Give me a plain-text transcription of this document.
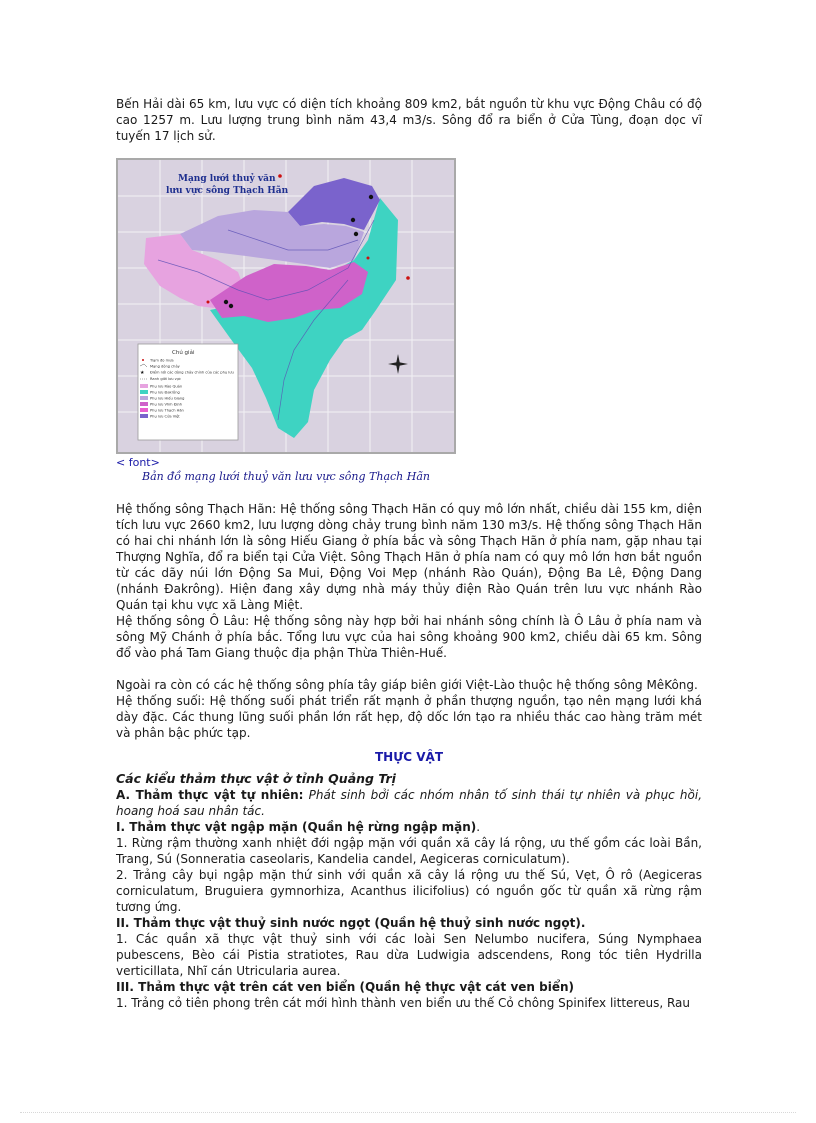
Bến Hải dài 65 km, lưu vực có diện tích khoảng 809 km2, bắt nguồn từ khu vực Động Châu có độ cao 1257 m. Lưu lượng trung bình năm 43,4 m3/s. Sông đổ ra biển ở Cửa Tùng, đoạn dọc vĩ tuyến 17 lịch sử.

Mạng lưới thuỷ văn
lưu vực sông Thạch Hãn
Chú giải
Trạm đo mưa
Mạng dòng chảy
★ Điểm nối các dòng chảy chính của các phụ lưu
Ranh giới lưu vực
Phụ lưu Rào Quán
Phụ lưu Đakrông
Phụ lưu Hiếu Giang
Phụ lưu Vĩnh Định
Phụ lưu Thạch Hãn
Phụ lưu Cửa Việt

< font>

Bản đồ mạng lưới thuỷ văn lưu vực sông Thạch Hãn

Hệ thống sông Thạch Hãn: Hệ thống sông Thạch Hãn có quy mô lớn nhất, chiều dài 155 km, diện tích lưu vực 2660 km2, lưu lượng dòng chảy trung bình năm 130 m3/s. Hệ thống sông Thạch Hãn có hai chi nhánh lớn là sông Hiếu Giang ở phía bắc và sông Thạch Hãn ở phía nam, gặp nhau tại Thượng Nghĩa, đổ ra biển tại Cửa Việt. Sông Thạch Hãn ở phía nam có quy mô lớn hơn bắt nguồn từ các dãy núi lớn Động Sa Mui, Động Voi Mẹp (nhánh Rào Quán), Động Ba Lê, Động Dang (nhánh Đakrông). Hiện đang xây dựng nhà máy thủy điện Rào Quán trên lưu vực nhánh Rào Quán tại khu vực xã Làng Miệt.

Hệ thống sông Ô Lâu: Hệ thống sông này hợp bởi hai nhánh sông chính là Ô Lâu ở phía nam và sông Mỹ Chánh ở phía bắc. Tổng lưu vực của hai sông khoảng 900 km2, chiều dài 65 km. Sông đổ vào phá Tam Giang thuộc địa phận Thừa Thiên-Huế.

Ngoài ra còn có các hệ thống sông phía tây giáp biên giới Việt-Lào thuộc hệ thống sông MêKông.

Hệ thống suối: Hệ thống suối phát triển rất mạnh ở phần thượng nguồn, tạo nên mạng lưới khá dày đặc. Các thung lũng suối phần lớn rất hẹp, độ dốc lớn tạo ra nhiều thác cao hàng trăm mét và phân bậc phức tạp.

THỰC VẬT

Các kiểu thảm thực vật ở tỉnh Quảng Trị

A. Thảm thực vật tự nhiên: Phát sinh bởi các nhóm nhân tố sinh thái tự nhiên và phục hồi, hoang hoá sau nhân tác.

I. Thảm thực vật ngập mặn (Quần hệ rừng ngập mặn).

1. Rừng rậm thường xanh nhiệt đới ngập mặn với quần xã cây lá rộng, ưu thế gồm các loài Bần, Trang, Sú (Sonneratia caseolaris, Kandelia candel, Aegiceras corniculatum).

2. Trảng cây bụi ngập mặn thứ sinh với quần xã cây lá rộng ưu thế Sú, Vẹt, Ô rô (Aegiceras corniculatum, Bruguiera gymnorhiza, Acanthus ilicifolius) có nguồn gốc từ quần xã rừng rậm tương ứng.

II. Thảm thực vật thuỷ sinh nước ngọt (Quần hệ thuỷ sinh nước ngọt).

1. Các quần xã thực vật thuỷ sinh với các loài Sen Nelumbo nucifera, Súng Nymphaea pubescens, Bèo cái Pistia stratiotes, Rau dừa Ludwigia adscendens, Rong tóc tiên Hydrilla verticillata, Nhĩ cán Utricularia aurea.

III. Thảm thực vật trên cát ven biển (Quần hệ thực vật cát ven biển)

1. Trảng cỏ tiên phong trên cát mới hình thành ven biển ưu thế Cỏ chông Spinifex littereus, Rau
